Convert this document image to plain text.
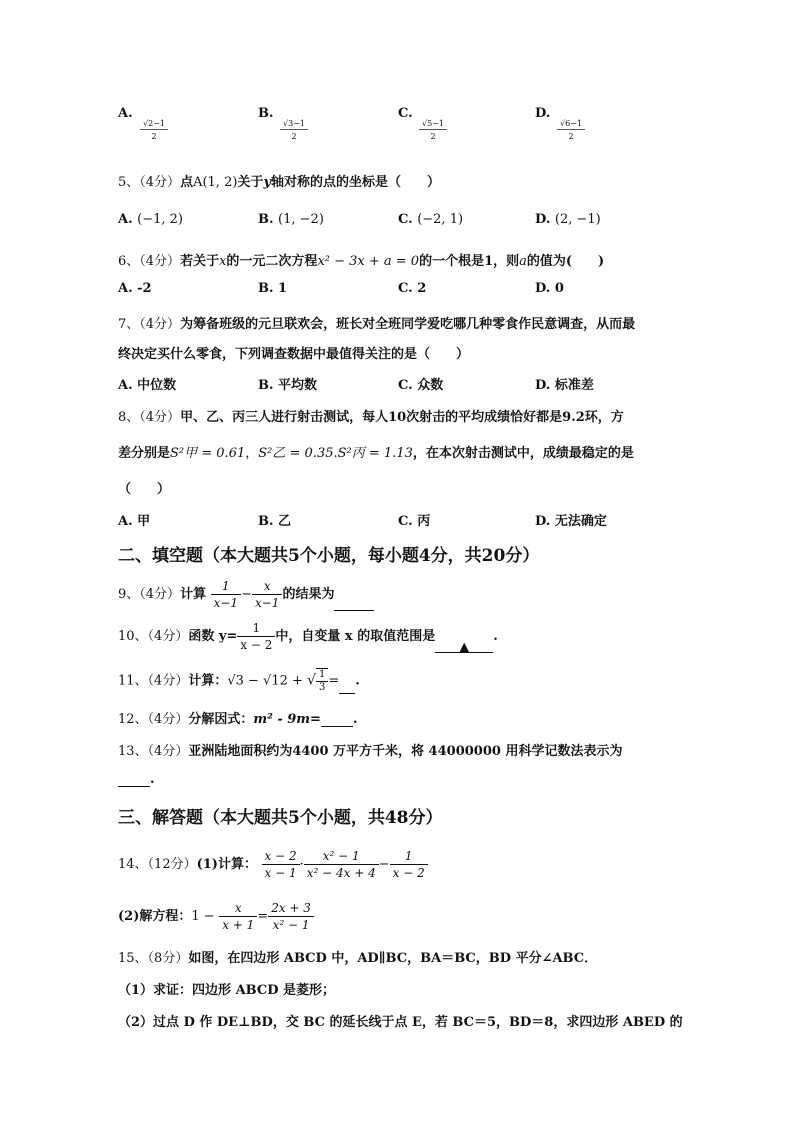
A.
√2−1
2
B.
√3−1
2
C.
√5−1
2
D.
√6−1
2
5、（4分）点A(1, 2)关于y轴对称的点的坐标是（　　）
A. (−1, 2)	B. (1, −2)	C. (−2, 1)	D. (2, −1)
6、（4分）若关于x的一元二次方程x² − 3x + a = 0的一个根是1，则a的值为(　　)
A. -2	B. 1	C. 2	D. 0
7、（4分）为筹备班级的元旦联欢会，班长对全班同学爱吃哪几种零食作民意调查，从而最
终决定买什么零食，下列调查数据中最值得关注的是（　　）
A. 中位数	B. 平均数	C. 众数	D. 标准差
8、（4分）甲、乙、丙三人进行射击测试，每人10次射击的平均成绩恰好都是9.2环，方
差分别是S²甲 = 0.61，S²乙 = 0.35.S²丙 = 1.13，在本次射击测试中，成绩最稳定的是
（　　）
A. 甲	B. 乙	C. 丙	D. 无法确定
二、填空题（本大题共5个小题，每小题4分，共20分）
9、（4分）计算 $\frac{1}{x-1} - \frac{x}{x-1}$ 的结果为
10、（4分）函数 $y= \frac{1}{x - 2}$ 中，自变量 x 的取值范围是▲.
11、（4分）计算：√3 − √12 + √ $\frac{1}{3}$ = .
12、（4分）分解因式：m² - 9m= .
13、（4分）亚洲陆地面积约为4400 万平方千米，将 44000000 用科学记数法表示为
.
三、解答题（本大题共5个小题，共48分）
14、（12分）(1)计算： $\frac{x - 2}{x - 1} \cdot \frac{\text{x² − 1}}{\text{x² − 4x + 4}} - \frac{1}{x - 2}$
(2)解方程：$1 - \frac{x}{x + 1} = \frac{2x + 3}{\text{x² − 1}}$
15、（8分）如图，在四边形 ABCD 中，AD∥BC，BA＝BC，BD 平分∠ABC．
（1）求证：四边形 ABCD 是菱形；
（2）过点 D 作 DE⊥BD，交 BC 的延长线于点 E，若 BC＝5，BD＝8，求四边形 ABED 的
